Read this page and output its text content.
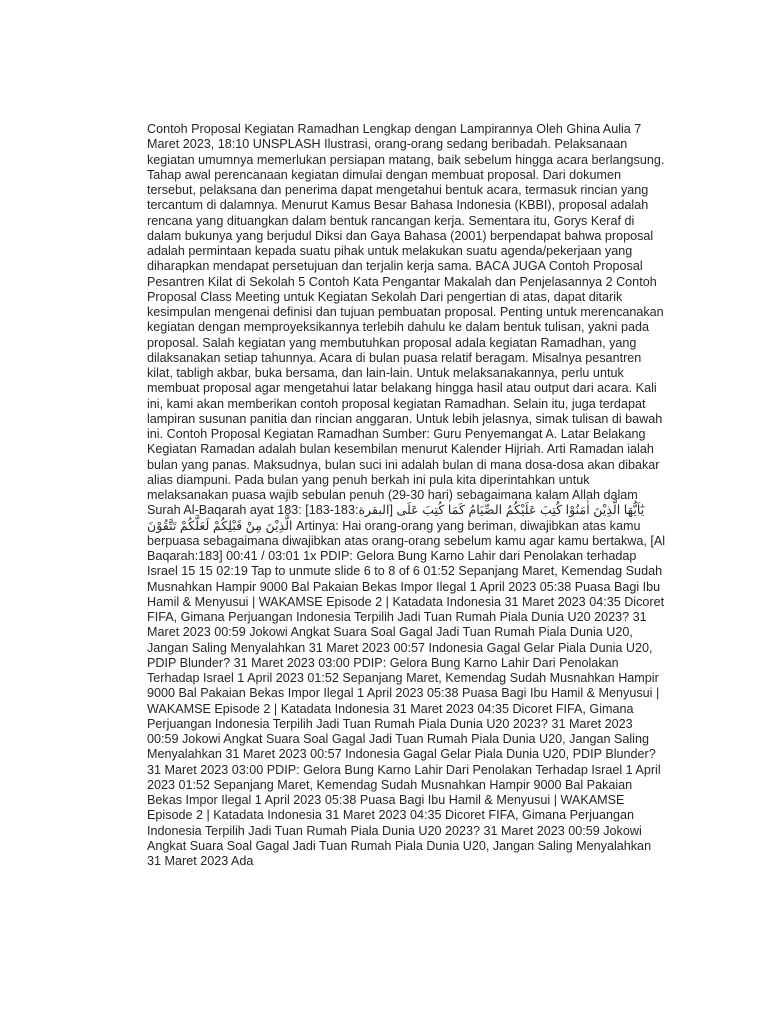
Contoh Proposal Kegiatan Ramadhan Lengkap dengan Lampirannya Oleh Ghina Aulia 7 Maret 2023, 18:10 UNSPLASH Ilustrasi, orang-orang sedang beribadah. Pelaksanaan kegiatan umumnya memerlukan persiapan matang, baik sebelum hingga acara berlangsung. Tahap awal perencanaan kegiatan dimulai dengan membuat proposal. Dari dokumen tersebut, pelaksana dan penerima dapat mengetahui bentuk acara, termasuk rincian yang tercantum di dalamnya. Menurut Kamus Besar Bahasa Indonesia (KBBI), proposal adalah rencana yang dituangkan dalam bentuk rancangan kerja. Sementara itu, Gorys Keraf di dalam bukunya yang berjudul Diksi dan Gaya Bahasa (2001) berpendapat bahwa proposal adalah permintaan kepada suatu pihak untuk melakukan suatu agenda/pekerjaan yang diharapkan mendapat persetujuan dan terjalin kerja sama. BACA JUGA Contoh Proposal Pesantren Kilat di Sekolah 5 Contoh Kata Pengantar Makalah dan Penjelasannya 2 Contoh Proposal Class Meeting untuk Kegiatan Sekolah Dari pengertian di atas, dapat ditarik kesimpulan mengenai definisi dan tujuan pembuatan proposal. Penting untuk merencanakan kegiatan dengan memproyeksikannya terlebih dahulu ke dalam bentuk tulisan, yakni pada proposal. Salah kegiatan yang membutuhkan proposal adala kegiatan Ramadhan, yang dilaksanakan setiap tahunnya. Acara di bulan puasa relatif beragam. Misalnya pesantren kilat, tabligh akbar, buka bersama, dan lain-lain. Untuk melaksanakannya, perlu untuk membuat proposal agar mengetahui latar belakang hingga hasil atau output dari acara. Kali ini, kami akan memberikan contoh proposal kegiatan Ramadhan. Selain itu, juga terdapat lampiran susunan panitia dan rincian anggaran. Untuk lebih jelasnya, simak tulisan di bawah ini. Contoh Proposal Kegiatan Ramadhan Sumber: Guru Penyemangat A. Latar Belakang Kegiatan Ramadan adalah bulan kesembilan menurut Kalender Hijriah. Arti Ramadan ialah bulan yang panas. Maksudnya, bulan suci ini adalah bulan di mana dosa-dosa akan dibakar alias diampuni. Pada bulan yang penuh berkah ini pula kita diperintahkan untuk melaksanakan puasa wajib sebulan penuh (29-30 hari) sebagaimana kalam Allah dalam Surah Al-Baqarah ayat 183: [183-183:البقرة] يٰٓاَيُّهَا الَّذِيْنَ اٰمَنُوْا كُتِبَ عَلَيْكُمُ الصِّيَامُ كَمَا كُتِبَ عَلَى الَّذِيْنَ مِنْ قَبْلِكُمْ لَعَلَّكُمْ تَتَّقُوْنَ Artinya: Hai orang-orang yang beriman, diwajibkan atas kamu berpuasa sebagaimana diwajibkan atas orang-orang sebelum kamu agar kamu bertakwa, [Al Baqarah:183] 00:41 / 03:01 1x PDIP: Gelora Bung Karno Lahir dari Penolakan terhadap Israel 15 15 02:19 Tap to unmute slide 6 to 8 of 6 01:52 Sepanjang Maret, Kemendag Sudah Musnahkan Hampir 9000 Bal Pakaian Bekas Impor Ilegal 1 April 2023 05:38 Puasa Bagi Ibu Hamil & Menyusui | WAKAMSE Episode 2 | Katadata Indonesia 31 Maret 2023 04:35 Dicoret FIFA, Gimana Perjuangan Indonesia Terpilih Jadi Tuan Rumah Piala Dunia U20 2023? 31 Maret 2023 00:59 Jokowi Angkat Suara Soal Gagal Jadi Tuan Rumah Piala Dunia U20, Jangan Saling Menyalahkan 31 Maret 2023 00:57 Indonesia Gagal Gelar Piala Dunia U20, PDIP Blunder? 31 Maret 2023 03:00 PDIP: Gelora Bung Karno Lahir Dari Penolakan Terhadap Israel 1 April 2023 01:52 Sepanjang Maret, Kemendag Sudah Musnahkan Hampir 9000 Bal Pakaian Bekas Impor Ilegal 1 April 2023 05:38 Puasa Bagi Ibu Hamil & Menyusui | WAKAMSE Episode 2 | Katadata Indonesia 31 Maret 2023 04:35 Dicoret FIFA, Gimana Perjuangan Indonesia Terpilih Jadi Tuan Rumah Piala Dunia U20 2023? 31 Maret 2023 00:59 Jokowi Angkat Suara Soal Gagal Jadi Tuan Rumah Piala Dunia U20, Jangan Saling Menyalahkan 31 Maret 2023 00:57 Indonesia Gagal Gelar Piala Dunia U20, PDIP Blunder? 31 Maret 2023 03:00 PDIP: Gelora Bung Karno Lahir Dari Penolakan Terhadap Israel 1 April 2023 01:52 Sepanjang Maret, Kemendag Sudah Musnahkan Hampir 9000 Bal Pakaian Bekas Impor Ilegal 1 April 2023 05:38 Puasa Bagi Ibu Hamil & Menyusui | WAKAMSE Episode 2 | Katadata Indonesia 31 Maret 2023 04:35 Dicoret FIFA, Gimana Perjuangan Indonesia Terpilih Jadi Tuan Rumah Piala Dunia U20 2023? 31 Maret 2023 00:59 Jokowi Angkat Suara Soal Gagal Jadi Tuan Rumah Piala Dunia U20, Jangan Saling Menyalahkan 31 Maret 2023 Ada
